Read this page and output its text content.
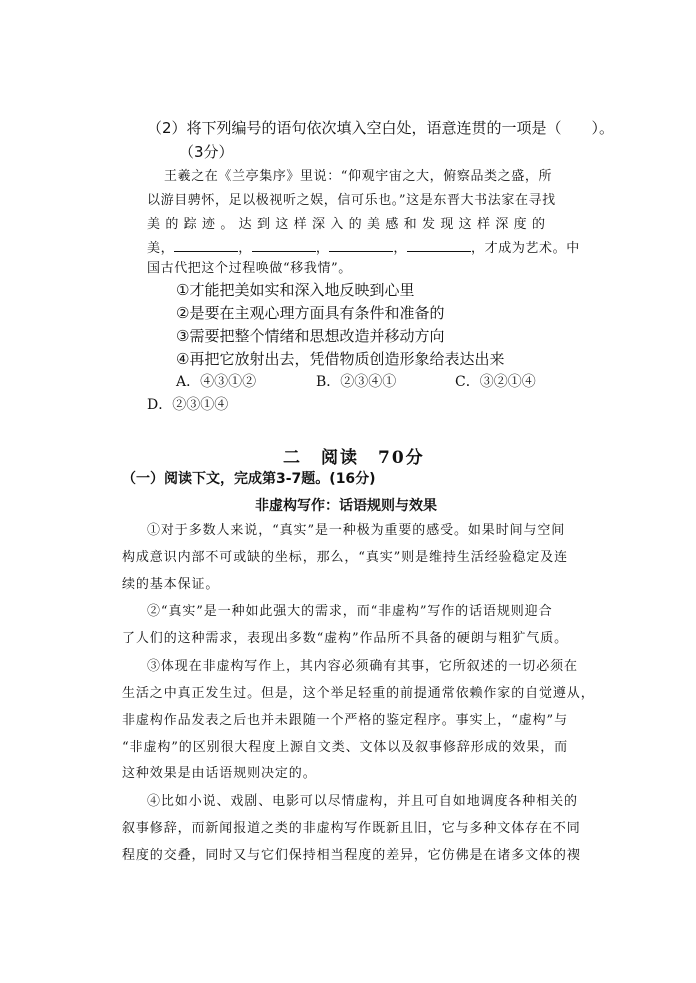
（2）将下列编号的语句依次填入空白处，语意连贯的一项是（　　）。
（3分）
王羲之在《兰亭集序》里说：“仰观宇宙之大，俯察品类之盛，所
以游目骋怀，足以极视听之娱，信可乐也。”这是东晋大书法家在寻找
美 的 踪 迹 。 达 到 这 样 深 入 的 美 感 和 发 现 这 样 深 度 的
美，	，	，	，	，才成为艺术。中
国古代把这个过程唤做“移我情”。
①才能把美如实和深入地反映到心里
②是要在主观心理方面具有条件和准备的
③需要把整个情绪和思想改造并移动方向
④再把它放射出去，凭借物质创造形象给表达出来
A．④③①②	B．②③④①	C．③②①④
D．②③①④
二　阅读　70分
（一）阅读下文，完成第3-7题。(16分)
非虚构写作：话语规则与效果
①对于多数人来说，“真实”是一种极为重要的感受。如果时间与空间
构成意识内部不可或缺的坐标，那么，“真实”则是维持生活经验稳定及连
续的基本保证。
②“真实”是一种如此强大的需求，而“非虚构”写作的话语规则迎合
了人们的这种需求，表现出多数“虚构”作品所不具备的硬朗与粗犷气质。
③体现在非虚构写作上，其内容必须确有其事，它所叙述的一切必须在
生活之中真正发生过。但是，这个举足轻重的前提通常依赖作家的自觉遵从，
非虚构作品发表之后也并未跟随一个严格的鉴定程序。事实上，“虚构”与
“非虚构”的区别很大程度上源自文类、文体以及叙事修辞形成的效果，而
这种效果是由话语规则决定的。
④比如小说、戏剧、电影可以尽情虚构，并且可自如地调度各种相关的
叙事修辞，而新闻报道之类的非虚构写作既新且旧，它与多种文体存在不同
程度的交叠，同时又与它们保持相当程度的差异，它仿佛是在诸多文体的禊
